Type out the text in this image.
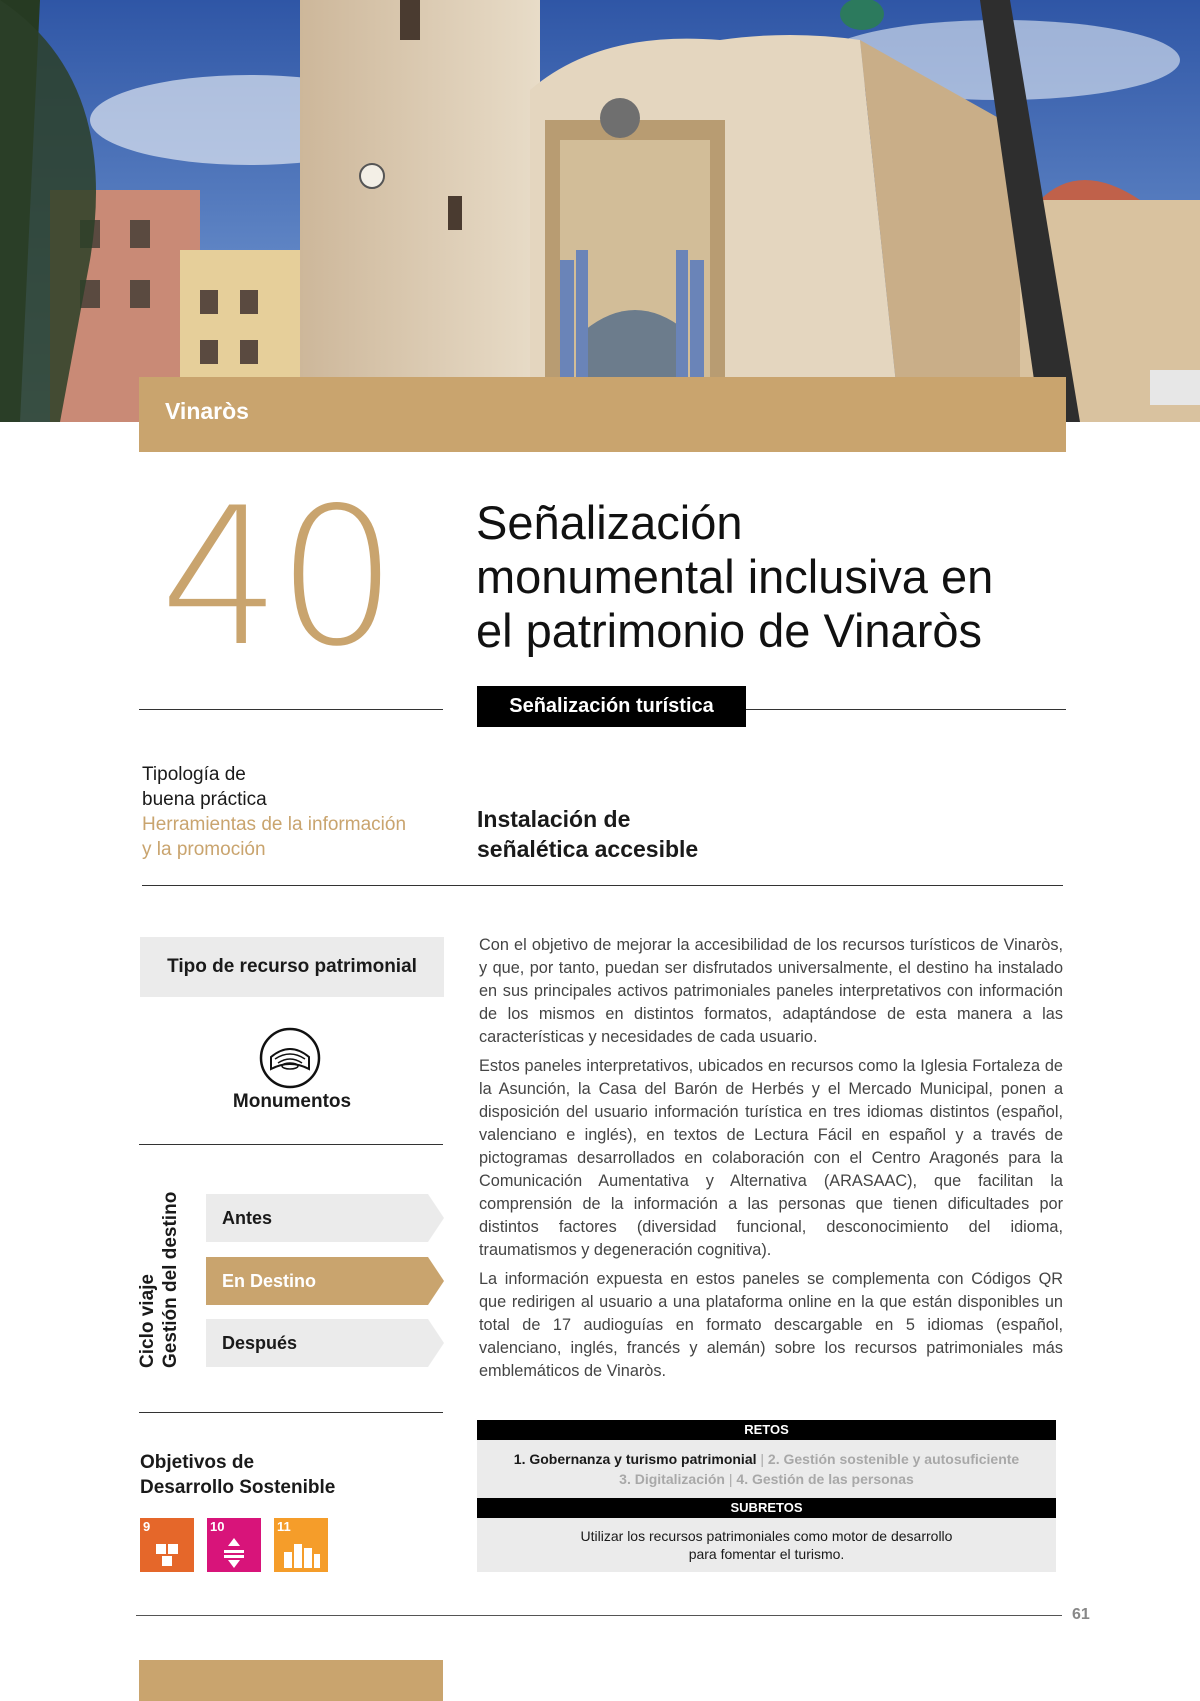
Vinaròs
40	Señalización
monumental inclusiva en
el patrimonio de Vinaròs
Señalización turística
Tipología de
buena práctica
Herramientas de la información
y la promoción
Instalación de
señalética accesible
Tipo de recurso patrimonial
Monumentos
Ciclo viaje Gestión del destino	Antes
En Destino
Después

Con el objetivo de mejorar la accesibilidad de los recursos turísticos de Vinaròs, y que, por tanto, puedan ser disfrutados universalmente, el destino ha instalado en sus principales activos patrimoniales paneles interpretativos con información de los mismos en distintos formatos, adaptándose de esta manera a las características y necesidades de cada usuario.

Estos paneles interpretativos, ubicados en recursos como la Iglesia Fortaleza de la Asunción, la Casa del Barón de Herbés y el Mercado Municipal, ponen a disposición del usuario información turística en tres idiomas distintos (español, valenciano e inglés), en textos de Lectura Fácil en español y a través de pictogramas desarrollados en colaboración con el Centro Aragonés para la Comunicación Aumentativa y Alternativa (ARASAAC), que facilitan la comprensión de la información a las personas que tienen dificultades por distintos factores (diversidad funcional, desconocimiento del idioma, traumatismos y degeneración cognitiva).

La información expuesta en estos paneles se complementa con Códigos QR que redirigen al usuario a una plataforma online en la que están disponibles un total de 17 audioguías en formato descargable en 5 idiomas (español, valenciano, inglés, francés y alemán) sobre los recursos patrimoniales más emblemáticos de Vinaròs.

Objetivos de
Desarrollo Sostenible
9	10	11
RETOS
1. Gobernanza y turismo patrimonial | 2. Gestión sostenible y autosuficiente
3. Digitalización | 4. Gestión de las personas
SUBRETOS
Utilizar los recursos patrimoniales como motor de desarrollo
para fomentar el turismo.
61
